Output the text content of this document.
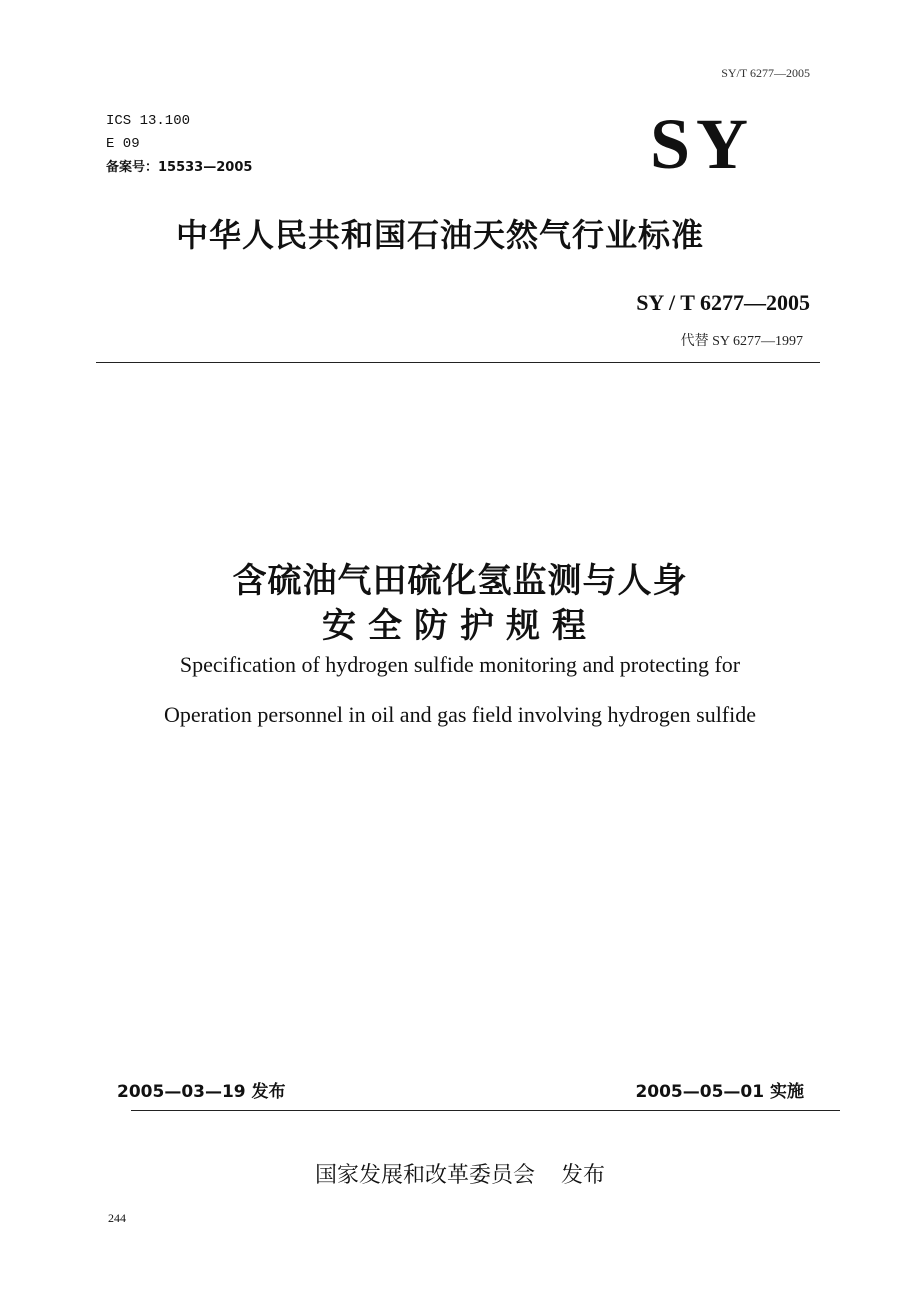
SY/T 6277—2005
ICS 13.100
E 09
备案号：15533—2005	SY
中华人民共和国石油天然气行业标准
SY / T 6277—2005
代替 SY 6277—1997
含硫油气田硫化氢监测与人身
安全防护规程
Specification of hydrogen sulfide monitoring and protecting for
Operation personnel in oil and gas field involving hydrogen sulfide
2005—03—19 发布	2005—05—01 实施
国家发展和改革委员会 发布
244
